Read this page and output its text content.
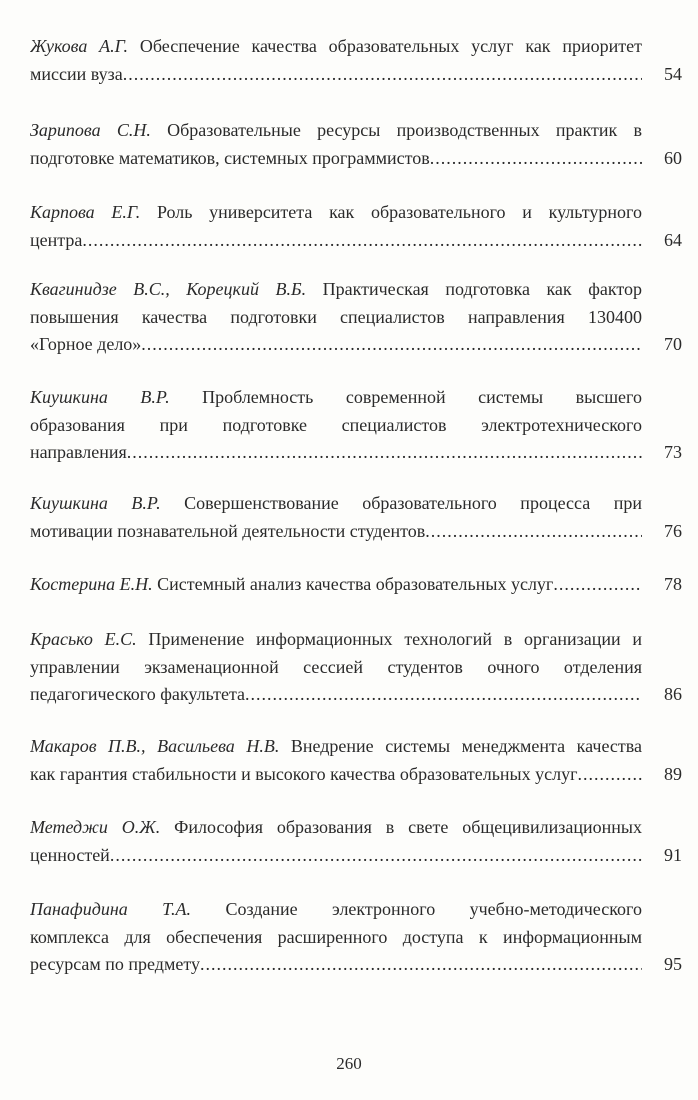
Жукова А.Г. Обеспечение качества образовательных услуг как приоритет
миссии вуза .....	54
Зарипова С.Н. Образовательные ресурсы производственных практик в
подготовке математиков, системных программистов .....	60
Карпова Е.Г. Роль университета как образовательного и культурного
центра .....	64
Квагинидзе В.С., Корецкий В.Б. Практическая подготовка как фактор
повышения качества подготовки специалистов направления 130400
«Горное дело» .....	70
Киушкина В.Р. Проблемность современной системы высшего
образования при подготовке специалистов электротехнического
направления .....	73
Киушкина В.Р. Совершенствование образовательного процесса при
мотивации познавательной деятельности студентов .....	76
Костерина Е.Н. Системный анализ качества образовательных услуг .....	78
Красько Е.С. Применение информационных технологий в организации и
управлении экзаменационной сессией студентов очного отделения
педагогического факультета .....	86
Макаров П.В., Васильева Н.В. Внедрение системы менеджмента качества
как гарантия стабильности и высокого качества образовательных услуг .....	89
Метеджи О.Ж. Философия образования в свете общецивилизационных
ценностей .....	91
Панафидина Т.А. Создание электронного учебно-методического
комплекса для обеспечения расширенного доступа к информационным
ресурсам по предмету .....	95
260
